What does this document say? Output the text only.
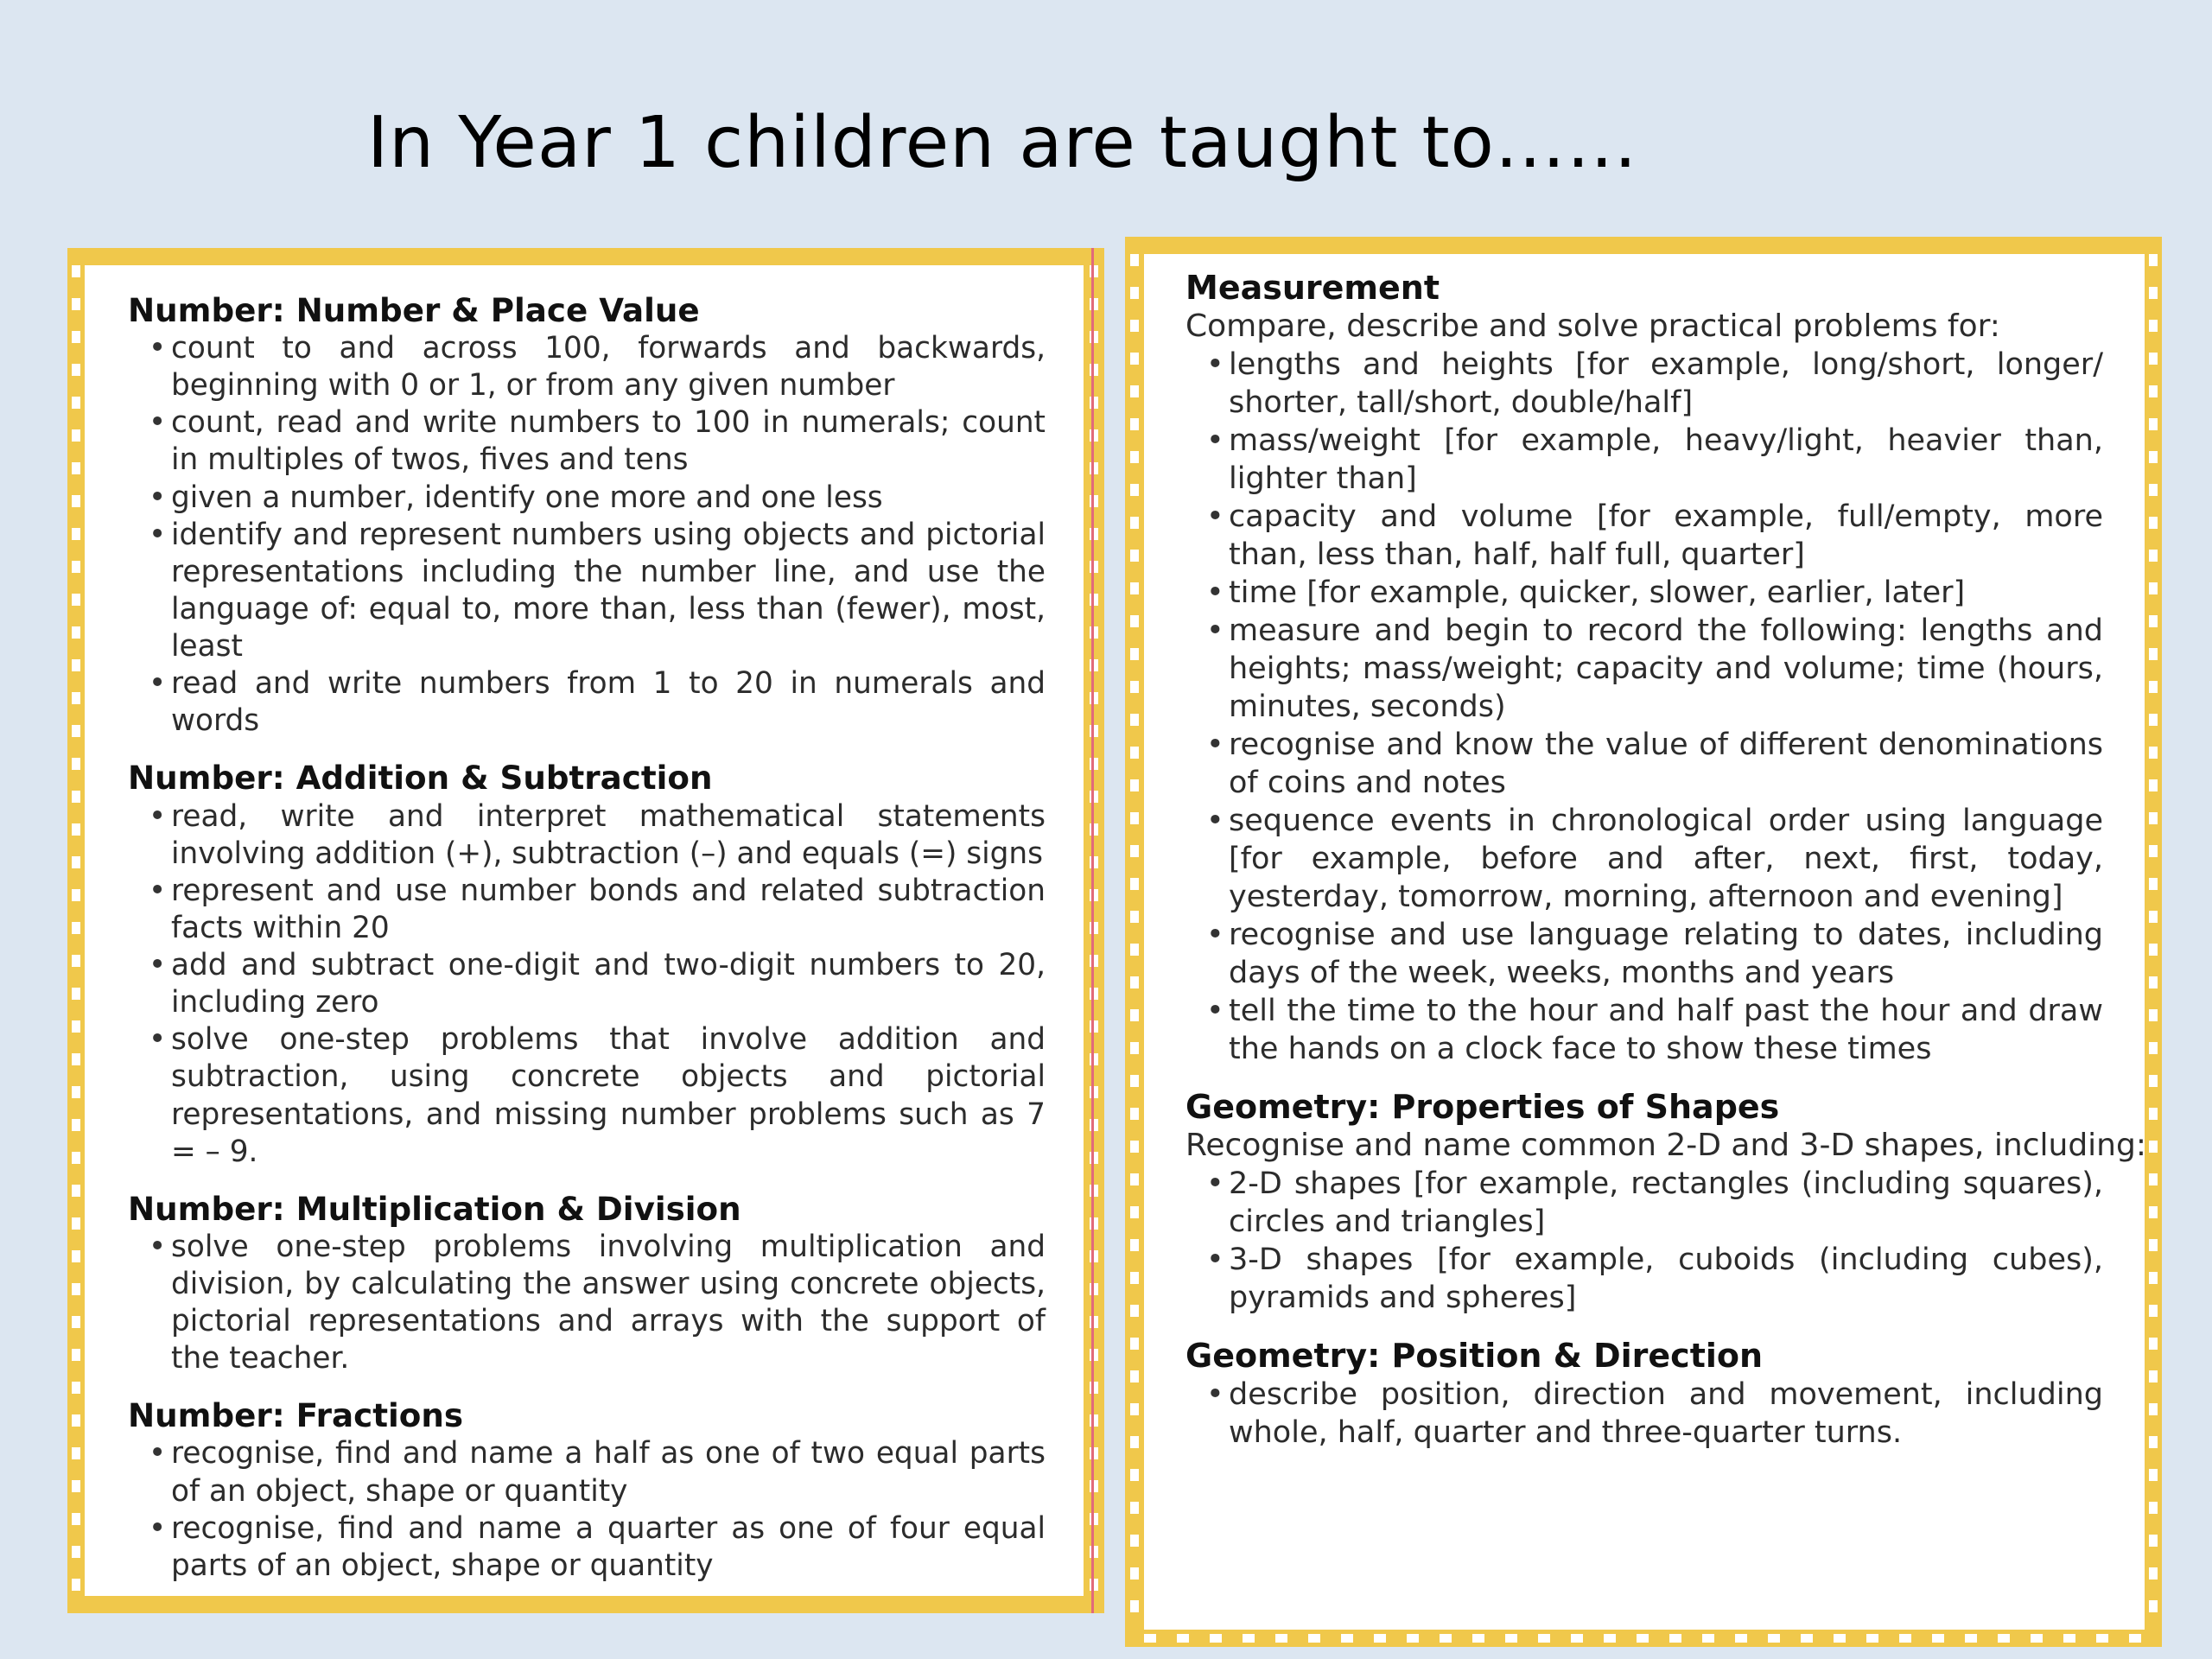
In Year 1 children are taught to……
Number: Number & Place Value
• count to and across 100, forwards and backwards, beginning with 0 or 1, or from any given number
• count, read and write numbers to 100 in numerals; count in multiples of twos, fives and tens
• given a number, identify one more and one less
• identify and represent numbers using objects and pictorial representations including the number line, and use the language of: equal to, more than, less than (fewer), most, least
• read and write numbers from 1 to 20 in numerals and words
Number: Addition & Subtraction
• read, write and interpret mathematical statements involving addition (+), subtraction (–) and equals (=) signs
• represent and use number bonds and related subtraction facts within 20
• add and subtract one-digit and two-digit numbers to 20, including zero
• solve one-step problems that involve addition and subtraction, using concrete objects and pictorial representations, and missing number problems such as 7 = – 9.
Number: Multiplication & Division
• solve one-step problems involving multiplication and division, by calculating the answer using concrete objects, pictorial representations and arrays with the support of the teacher.
Number: Fractions
• recognise, find and name a half as one of two equal parts of an object, shape or quantity
• recognise, find and name a quarter as one of four equal parts of an object, shape or quantity
Measurement
Compare, describe and solve practical problems for:
• lengths and heights [for example, long/short, longer/ shorter, tall/short, double/half]
• mass/weight [for example, heavy/light, heavier than, lighter than]
• capacity and volume [for example, full/empty, more than, less than, half, half full, quarter]
• time [for example, quicker, slower, earlier, later]
• measure and begin to record the following: lengths and heights; mass/weight; capacity and volume; time (hours, minutes, seconds)
• recognise and know the value of different denominations of coins and notes
• sequence events in chronological order using language [for example, before and after, next, first, today, yesterday, tomorrow, morning, afternoon and evening]
• recognise and use language relating to dates, including days of the week, weeks, months and years
• tell the time to the hour and half past the hour and draw the hands on a clock face to show these times
Geometry: Properties of Shapes
Recognise and name common 2-D and 3-D shapes, including:
• 2-D shapes [for example, rectangles (including squares), circles and triangles]
• 3-D shapes [for example, cuboids (including cubes), pyramids and spheres]
Geometry: Position & Direction
• describe position, direction and movement, including whole, half, quarter and three-quarter turns.
